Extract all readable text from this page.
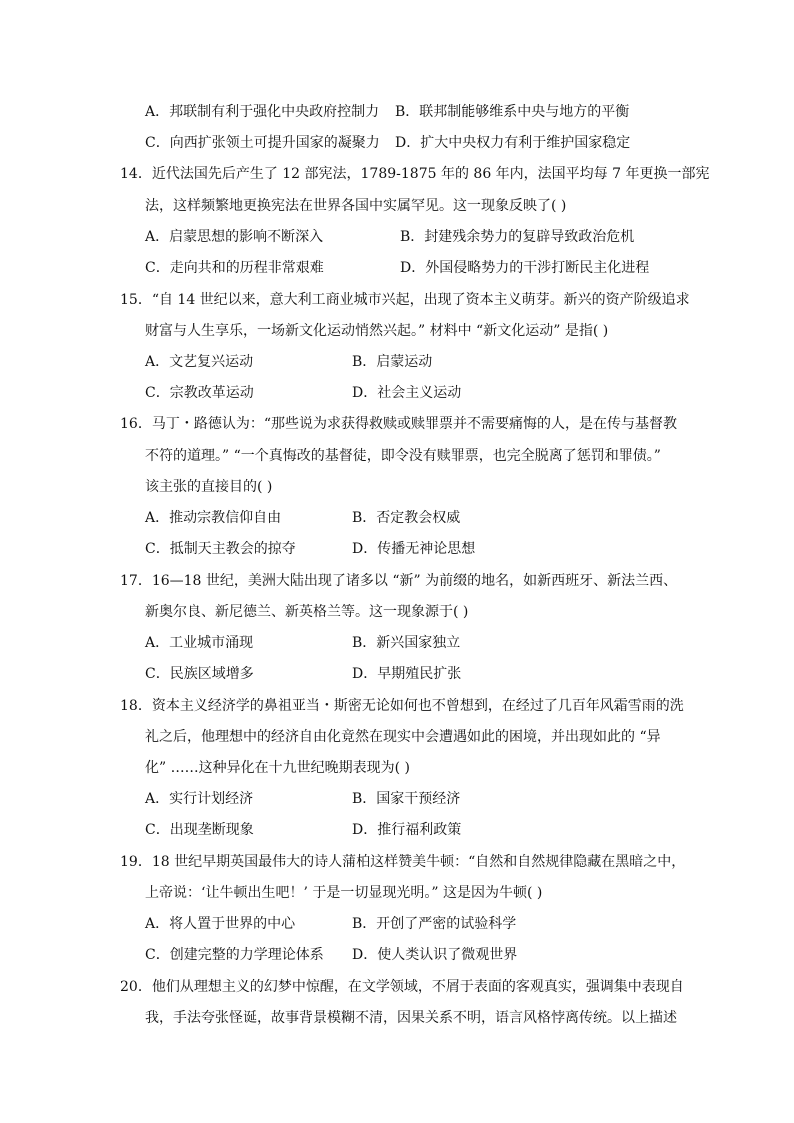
A．邦联制有利于强化中央政府控制力 B．联邦制能够维系中央与地方的平衡
C．向西扩张领土可提升国家的凝聚力 D．扩大中央权力有利于维护国家稳定
14．近代法国先后产生了 12 部宪法，1789-1875 年的 86 年内，法国平均每 7 年更换一部宪
法，这样频繁地更换宪法在世界各国中实属罕见。这一现象反映了( )
A．启蒙思想的影响不断深入	B．封建残余势力的复辟导致政治危机
C．走向共和的历程非常艰难	D．外国侵略势力的干涉打断民主化进程
15．“自 14 世纪以来，意大利工商业城市兴起，出现了资本主义萌芽。新兴的资产阶级追求
财富与人生享乐，一场新文化运动悄然兴起。” 材料中 “新文化运动” 是指( )
A．文艺复兴运动	B．启蒙运动
C．宗教改革运动	D．社会主义运动
16．马丁・路德认为：“那些说为求获得救赎或赎罪票并不需要痛悔的人，是在传与基督教
不符的道理。” “一个真悔改的基督徒，即令没有赎罪票，也完全脱离了惩罚和罪债。”
该主张的直接目的( )
A．推动宗教信仰自由	B．否定教会权威
C．抵制天主教会的掠夺	D．传播无神论思想
17．16—18 世纪，美洲大陆出现了诸多以 “新” 为前缀的地名，如新西班牙、新法兰西、
新奥尔良、新尼德兰、新英格兰等。这一现象源于( )
A．工业城市涌现	B．新兴国家独立
C．民族区域增多	D．早期殖民扩张
18．资本主义经济学的鼻祖亚当・斯密无论如何也不曾想到，在经过了几百年风霜雪雨的洗
礼之后，他理想中的经济自由化竟然在现实中会遭遇如此的困境，并出现如此的 “异
化” ……这种异化在十九世纪晚期表现为( )
A．实行计划经济	B．国家干预经济
C．出现垄断现象	D．推行福利政策
19．18 世纪早期英国最伟大的诗人蒲柏这样赞美牛顿：“自然和自然规律隐藏在黑暗之中，
上帝说：‘让牛顿出生吧！’ 于是一切显现光明。” 这是因为牛顿( )
A．将人置于世界的中心	B．开创了严密的试验科学
C．创建完整的力学理论体系 D．使人类认识了微观世界
20．他们从理想主义的幻梦中惊醒，在文学领域，不屑于表面的客观真实，强调集中表现自
我，手法夸张怪诞，故事背景模糊不清，因果关系不明，语言风格悖离传统。以上描述
